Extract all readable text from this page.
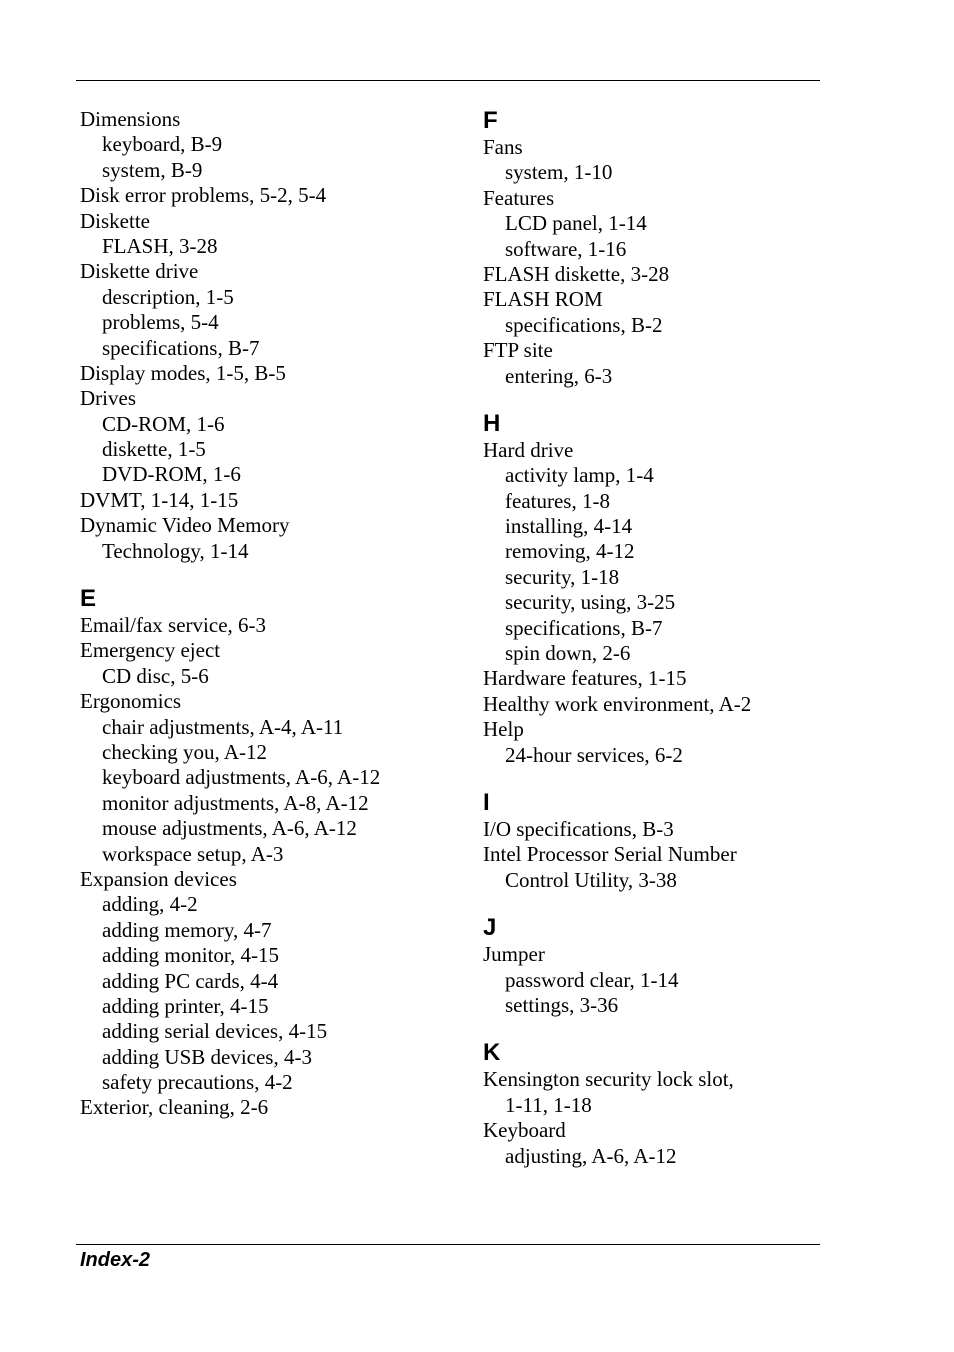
Dimensions
keyboard, B-9
system, B-9
Disk error problems, 5-2, 5-4
Diskette
FLASH, 3-28
Diskette drive
description, 1-5
problems, 5-4
specifications, B-7
Display modes, 1-5, B-5
Drives
CD-ROM, 1-6
diskette, 1-5
DVD-ROM, 1-6
DVMT, 1-14, 1-15
Dynamic Video Memory
Technology, 1-14
E
Email/fax service, 6-3
Emergency eject
CD disc, 5-6
Ergonomics
chair adjustments, A-4, A-11
checking you, A-12
keyboard adjustments, A-6, A-12
monitor adjustments, A-8, A-12
mouse adjustments, A-6, A-12
workspace setup, A-3
Expansion devices
adding, 4-2
adding memory, 4-7
adding monitor, 4-15
adding PC cards, 4-4
adding printer, 4-15
adding serial devices, 4-15
adding USB devices, 4-3
safety precautions, 4-2
Exterior, cleaning, 2-6
F
Fans
system, 1-10
Features
LCD panel, 1-14
software, 1-16
FLASH diskette, 3-28
FLASH ROM
specifications, B-2
FTP site
entering, 6-3
H
Hard drive
activity lamp, 1-4
features, 1-8
installing, 4-14
removing, 4-12
security, 1-18
security, using, 3-25
specifications, B-7
spin down, 2-6
Hardware features, 1-15
Healthy work environment, A-2
Help
24-hour services, 6-2
I
I/O specifications, B-3
Intel Processor Serial Number
Control Utility, 3-38
J
Jumper
password clear, 1-14
settings, 3-36
K
Kensington security lock slot,
1-11, 1-18
Keyboard
adjusting, A-6, A-12
Index-2
